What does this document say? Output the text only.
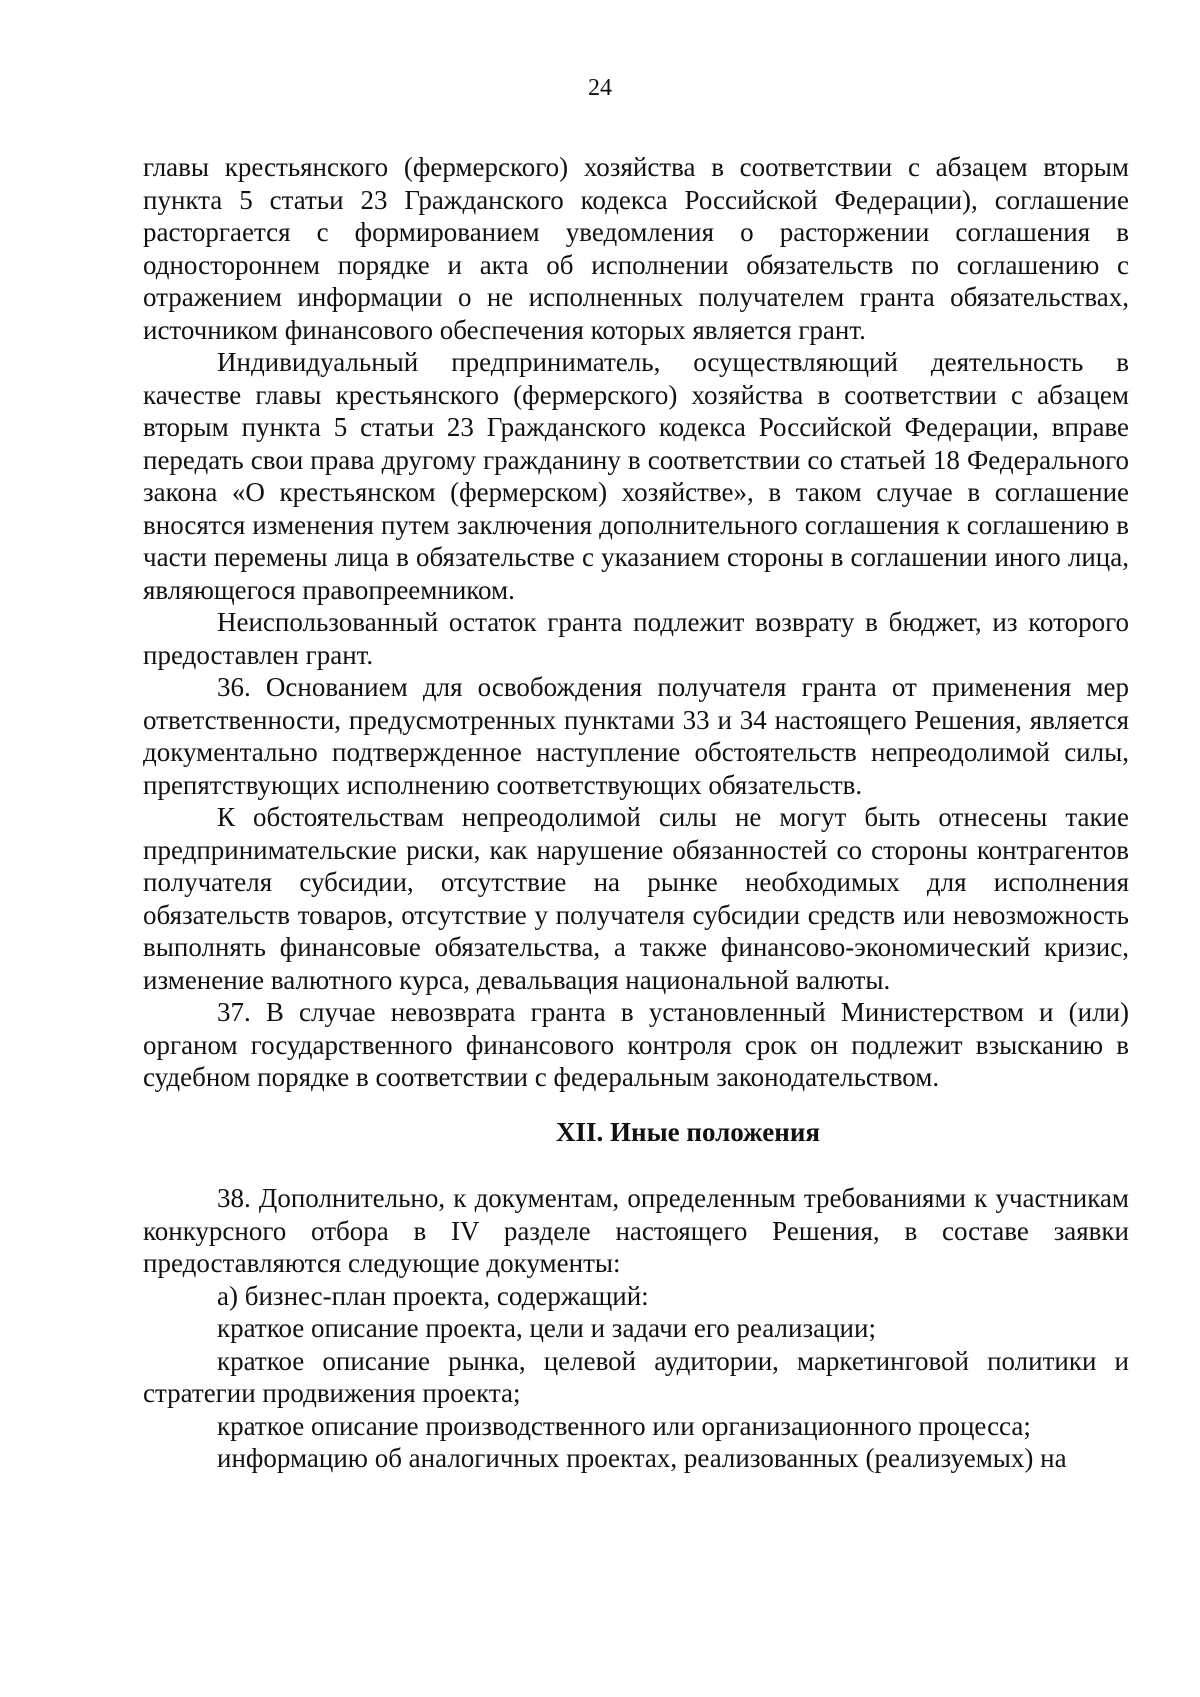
24

главы крестьянского (фермерского) хозяйства в соответствии с абзацем вторым пункта 5 статьи 23 Гражданского кодекса Российской Федерации), соглашение расторгается с формированием уведомления о расторжении соглашения в одностороннем порядке и акта об исполнении обязательств по соглашению с отражением информации о не исполненных получателем гранта обязательствах, источником финансового обеспечения которых является грант.

Индивидуальный предприниматель, осуществляющий деятельность в качестве главы крестьянского (фермерского) хозяйства в соответствии с абзацем вторым пункта 5 статьи 23 Гражданского кодекса Российской Федерации, вправе передать свои права другому гражданину в соответствии со статьей 18 Федерального закона «О крестьянском (фермерском) хозяйстве», в таком случае в соглашение вносятся изменения путем заключения дополнительного соглашения к соглашению в части перемены лица в обязательстве с указанием стороны в соглашении иного лица, являющегося правопреемником.

Неиспользованный остаток гранта подлежит возврату в бюджет, из которого предоставлен грант.

36. Основанием для освобождения получателя гранта от применения мер ответственности, предусмотренных пунктами 33 и 34 настоящего Решения, является документально подтвержденное наступление обстоятельств непреодолимой силы, препятствующих исполнению соответствующих обязательств.

К обстоятельствам непреодолимой силы не могут быть отнесены такие предпринимательские риски, как нарушение обязанностей со стороны контрагентов получателя субсидии, отсутствие на рынке необходимых для исполнения обязательств товаров, отсутствие у получателя субсидии средств или невозможность выполнять финансовые обязательства, а также финансово-экономический кризис, изменение валютного курса, девальвация национальной валюты.

37. В случае невозврата гранта в установленный Министерством и (или) органом государственного финансового контроля срок он подлежит взысканию в судебном порядке в соответствии с федеральным законодательством.

XII. Иные положения

38. Дополнительно, к документам, определенным требованиями к участникам конкурсного отбора в IV разделе настоящего Решения, в составе заявки предоставляются следующие документы:

а) бизнес-план проекта, содержащий:

краткое описание проекта, цели и задачи его реализации;

краткое описание рынка, целевой аудитории, маркетинговой политики и стратегии продвижения проекта;

краткое описание производственного или организационного процесса;

информацию об аналогичных проектах, реализованных (реализуемых) на
